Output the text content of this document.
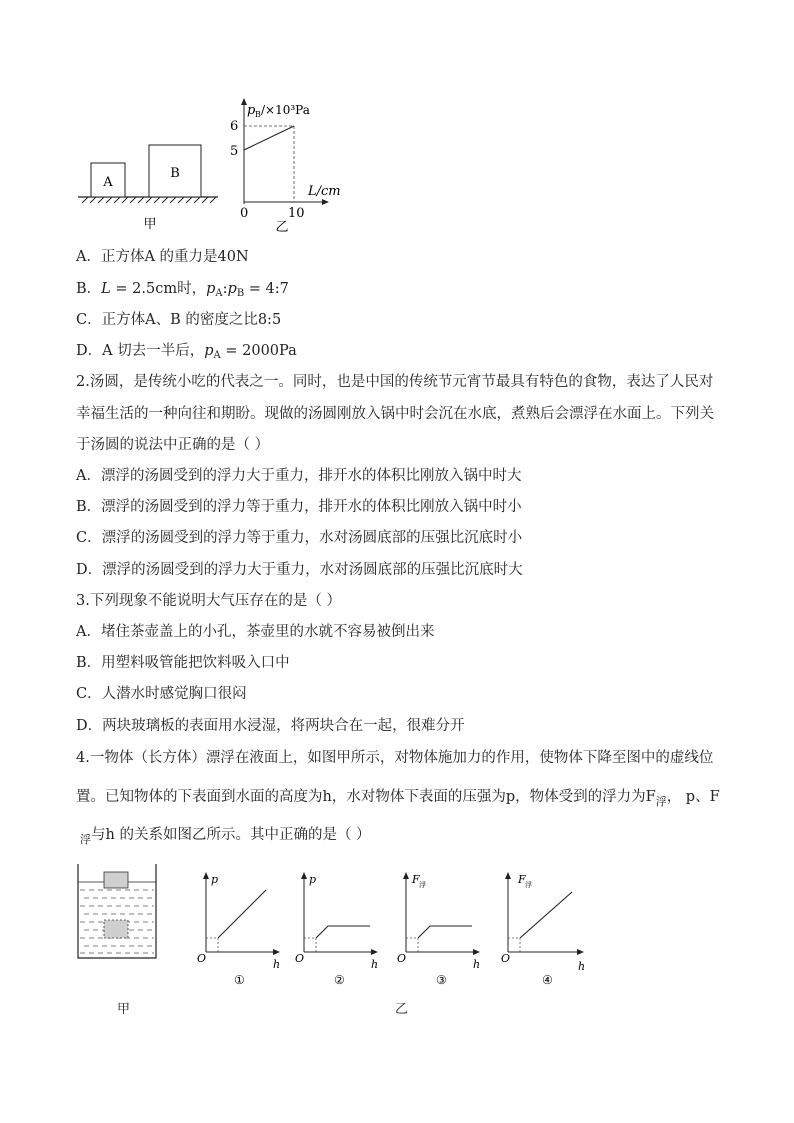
A
B
甲
p B /×10³Pa
6
5
L/cm
0	10
乙
A．正方体A 的重力是40N
B．L = 2.5cm时，$p_A:p_B$ = 4:7
C．正方体A、B 的密度之比8:5
D．A 切去一半后，$p_A = 2000Pa$
2.汤圆，是传统小吃的代表之一。同时，也是中国的传统节元宵节最具有特色的食物，表达了人民对
幸福生活的一种向往和期盼。现做的汤圆刚放入锅中时会沉在水底，煮熟后会漂浮在水面上。下列关
于汤圆的说法中正确的是（ ）
A．漂浮的汤圆受到的浮力大于重力，排开水的体积比刚放入锅中时大
B．漂浮的汤圆受到的浮力等于重力，排开水的体积比刚放入锅中时小
C．漂浮的汤圆受到的浮力等于重力，水对汤圆底部的压强比沉底时小
D．漂浮的汤圆受到的浮力大于重力，水对汤圆底部的压强比沉底时大
3.下列现象不能说明大气压存在的是（ ）
A．堵住茶壶盖上的小孔，茶壶里的水就不容易被倒出来
B．用塑料吸管能把饮料吸入口中
C．人潜水时感觉胸口很闷
D．两块玻璃板的表面用水浸湿，将两块合在一起，很难分开
4.一物体（长方体）漂浮在液面上，如图甲所示，对物体施加力的作用，使物体下降至图中的虚线位
置。已知物体的下表面到水面的高度为h，水对物体下表面的压强为p，物体受到的浮力为$F_浮$， p、F
$_浮$与h 的关系如图乙所示。其中正确的是（ ）
甲
p
O	h
①
p
O	h
②
F 浮
O	h
③
F 浮
O
h
④
乙
